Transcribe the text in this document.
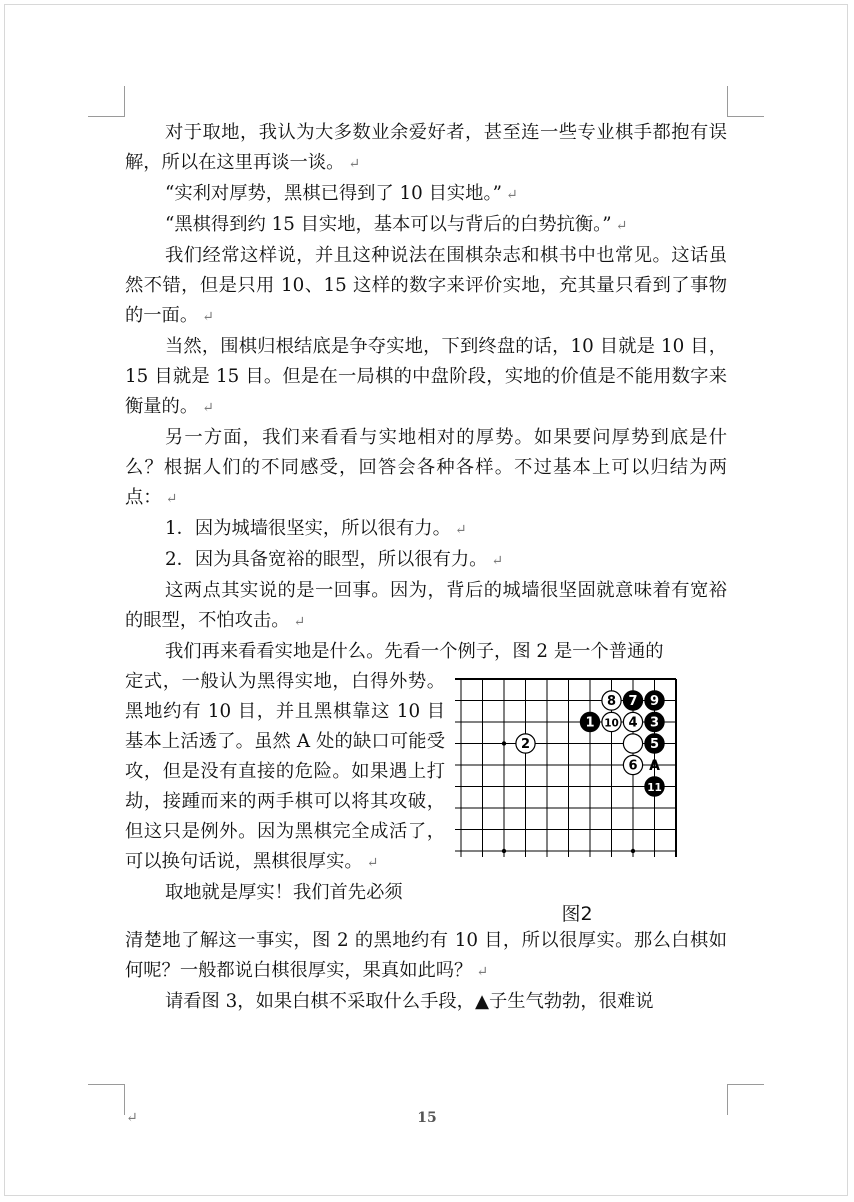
对于取地，我认为大多数业余爱好者，甚至连一些专业棋手都抱有误解，所以在这里再谈一谈。 ↵

“实利对厚势，黑棋已得到了 10 目实地。” ↵

“黑棋得到约 15 目实地，基本可以与背后的白势抗衡。” ↵

我们经常这样说，并且这种说法在围棋杂志和棋书中也常见。这话虽然不错，但是只用 10、15 这样的数字来评价实地，充其量只看到了事物的一面。 ↵

当然，围棋归根结底是争夺实地，下到终盘的话，10 目就是 10 目，15 目就是 15 目。但是在一局棋的中盘阶段，实地的价值是不能用数字来衡量的。 ↵

另一方面，我们来看看与实地相对的厚势。如果要问厚势到底是什么？根据人们的不同感受，回答会各种各样。不过基本上可以归结为两点： ↵

1．因为城墙很坚实，所以很有力。 ↵

2．因为具备宽裕的眼型，所以很有力。 ↵

这两点其实说的是一回事。因为，背后的城墙很坚固就意味着有宽裕的眼型，不怕攻击。 ↵

我们再来看看实地是什么。先看一个例子，图 2 是一个普通的

定式，一般认为黑得实地，白得外势。黑地约有 10 目，并且黑棋靠这 10 目基本上活透了。虽然 A 处的缺口可能受攻，但是没有直接的危险。如果遇上打劫，接踵而来的两手棋可以将其攻破，但这只是例外。因为黑棋完全成活了，可以换句话说，黑棋很厚实。 ↵

取地就是厚实！我们首先必须

A
8 7 9
1 10 4 3
2	5
6
11
图2

清楚地了解这一事实，图 2 的黑地约有 10 目，所以很厚实。那么白棋如何呢？一般都说白棋很厚实，果真如此吗？ ↵

请看图 3，如果白棋不采取什么手段，▲子生气勃勃，很难说

↵	15
